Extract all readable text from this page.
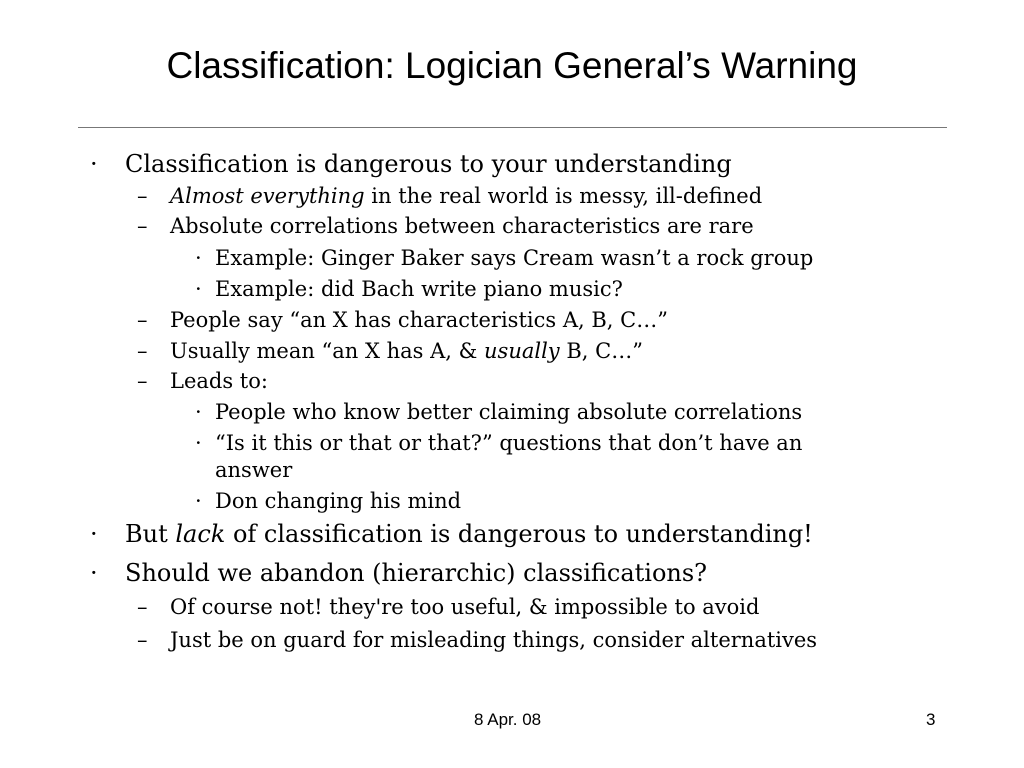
Classification: Logician General’s Warning
· Classification is dangerous to your understanding
– Almost everything in the real world is messy, ill-defined
– Absolute correlations between characteristics are rare
· Example: Ginger Baker says Cream wasn’t a rock group
· Example: did Bach write piano music?
– People say “an X has characteristics A, B, C…”
– Usually mean “an X has A, & usually B, C…”
– Leads to:
· People who know better claiming absolute correlations
· “Is it this or that or that?” questions that don’t have an
answer
· Don changing his mind
· But lack of classification is dangerous to understanding!
· Should we abandon (hierarchic) classifications?
– Of course not! they're too useful, & impossible to avoid
– Just be on guard for misleading things, consider alternatives
8 Apr. 08	3
